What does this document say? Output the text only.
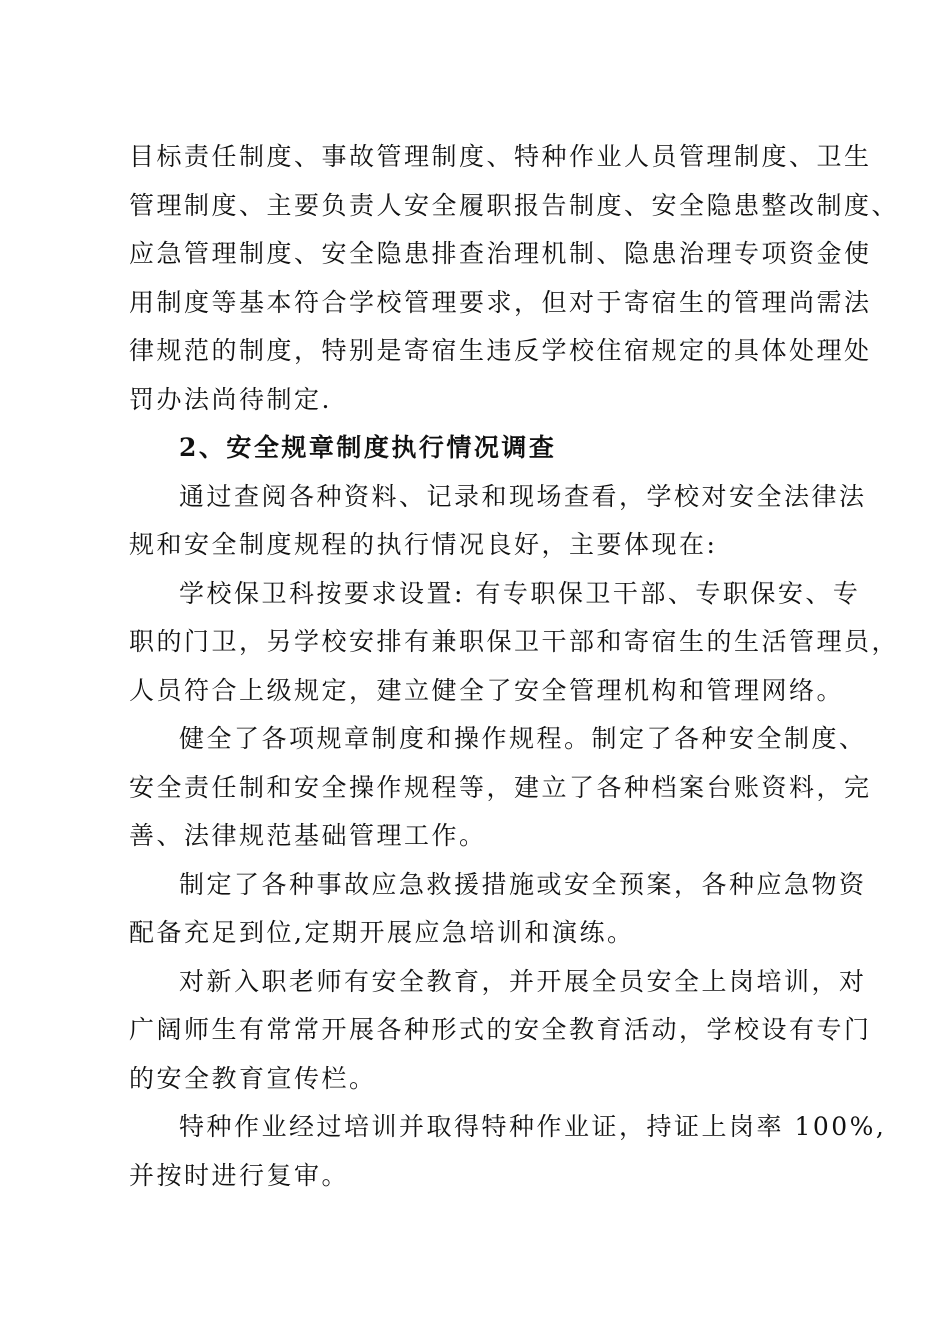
目标责任制度、事故管理制度、特种作业人员管理制度、卫生
管理制度、主要负责人安全履职报告制度、安全隐患整改制度、
应急管理制度、安全隐患排查治理机制、隐患治理专项资金使
用制度等基本符合学校管理要求，但对于寄宿生的管理尚需法
律规范的制度，特别是寄宿生违反学校住宿规定的具体处理处
罚办法尚待制定.

2、安全规章制度执行情况调查

通过查阅各种资料、记录和现场查看，学校对安全法律法
规和安全制度规程的执行情况良好，主要体现在:

学校保卫科按要求设置: 有专职保卫干部、专职保安、专
职的门卫，另学校安排有兼职保卫干部和寄宿生的生活管理员，
人员符合上级规定，建立健全了安全管理机构和管理网络。

健全了各项规章制度和操作规程。制定了各种安全制度、
安全责任制和安全操作规程等，建立了各种档案台账资料，完
善、法律规范基础管理工作。

制定了各种事故应急救援措施或安全预案，各种应急物资
配备充足到位,定期开展应急培训和演练。

对新入职老师有安全教育，并开展全员安全上岗培训，对
广阔师生有常常开展各种形式的安全教育活动，学校设有专门
的安全教育宣传栏。

特种作业经过培训并取得特种作业证，持证上岗率 100%,
并按时进行复审。
